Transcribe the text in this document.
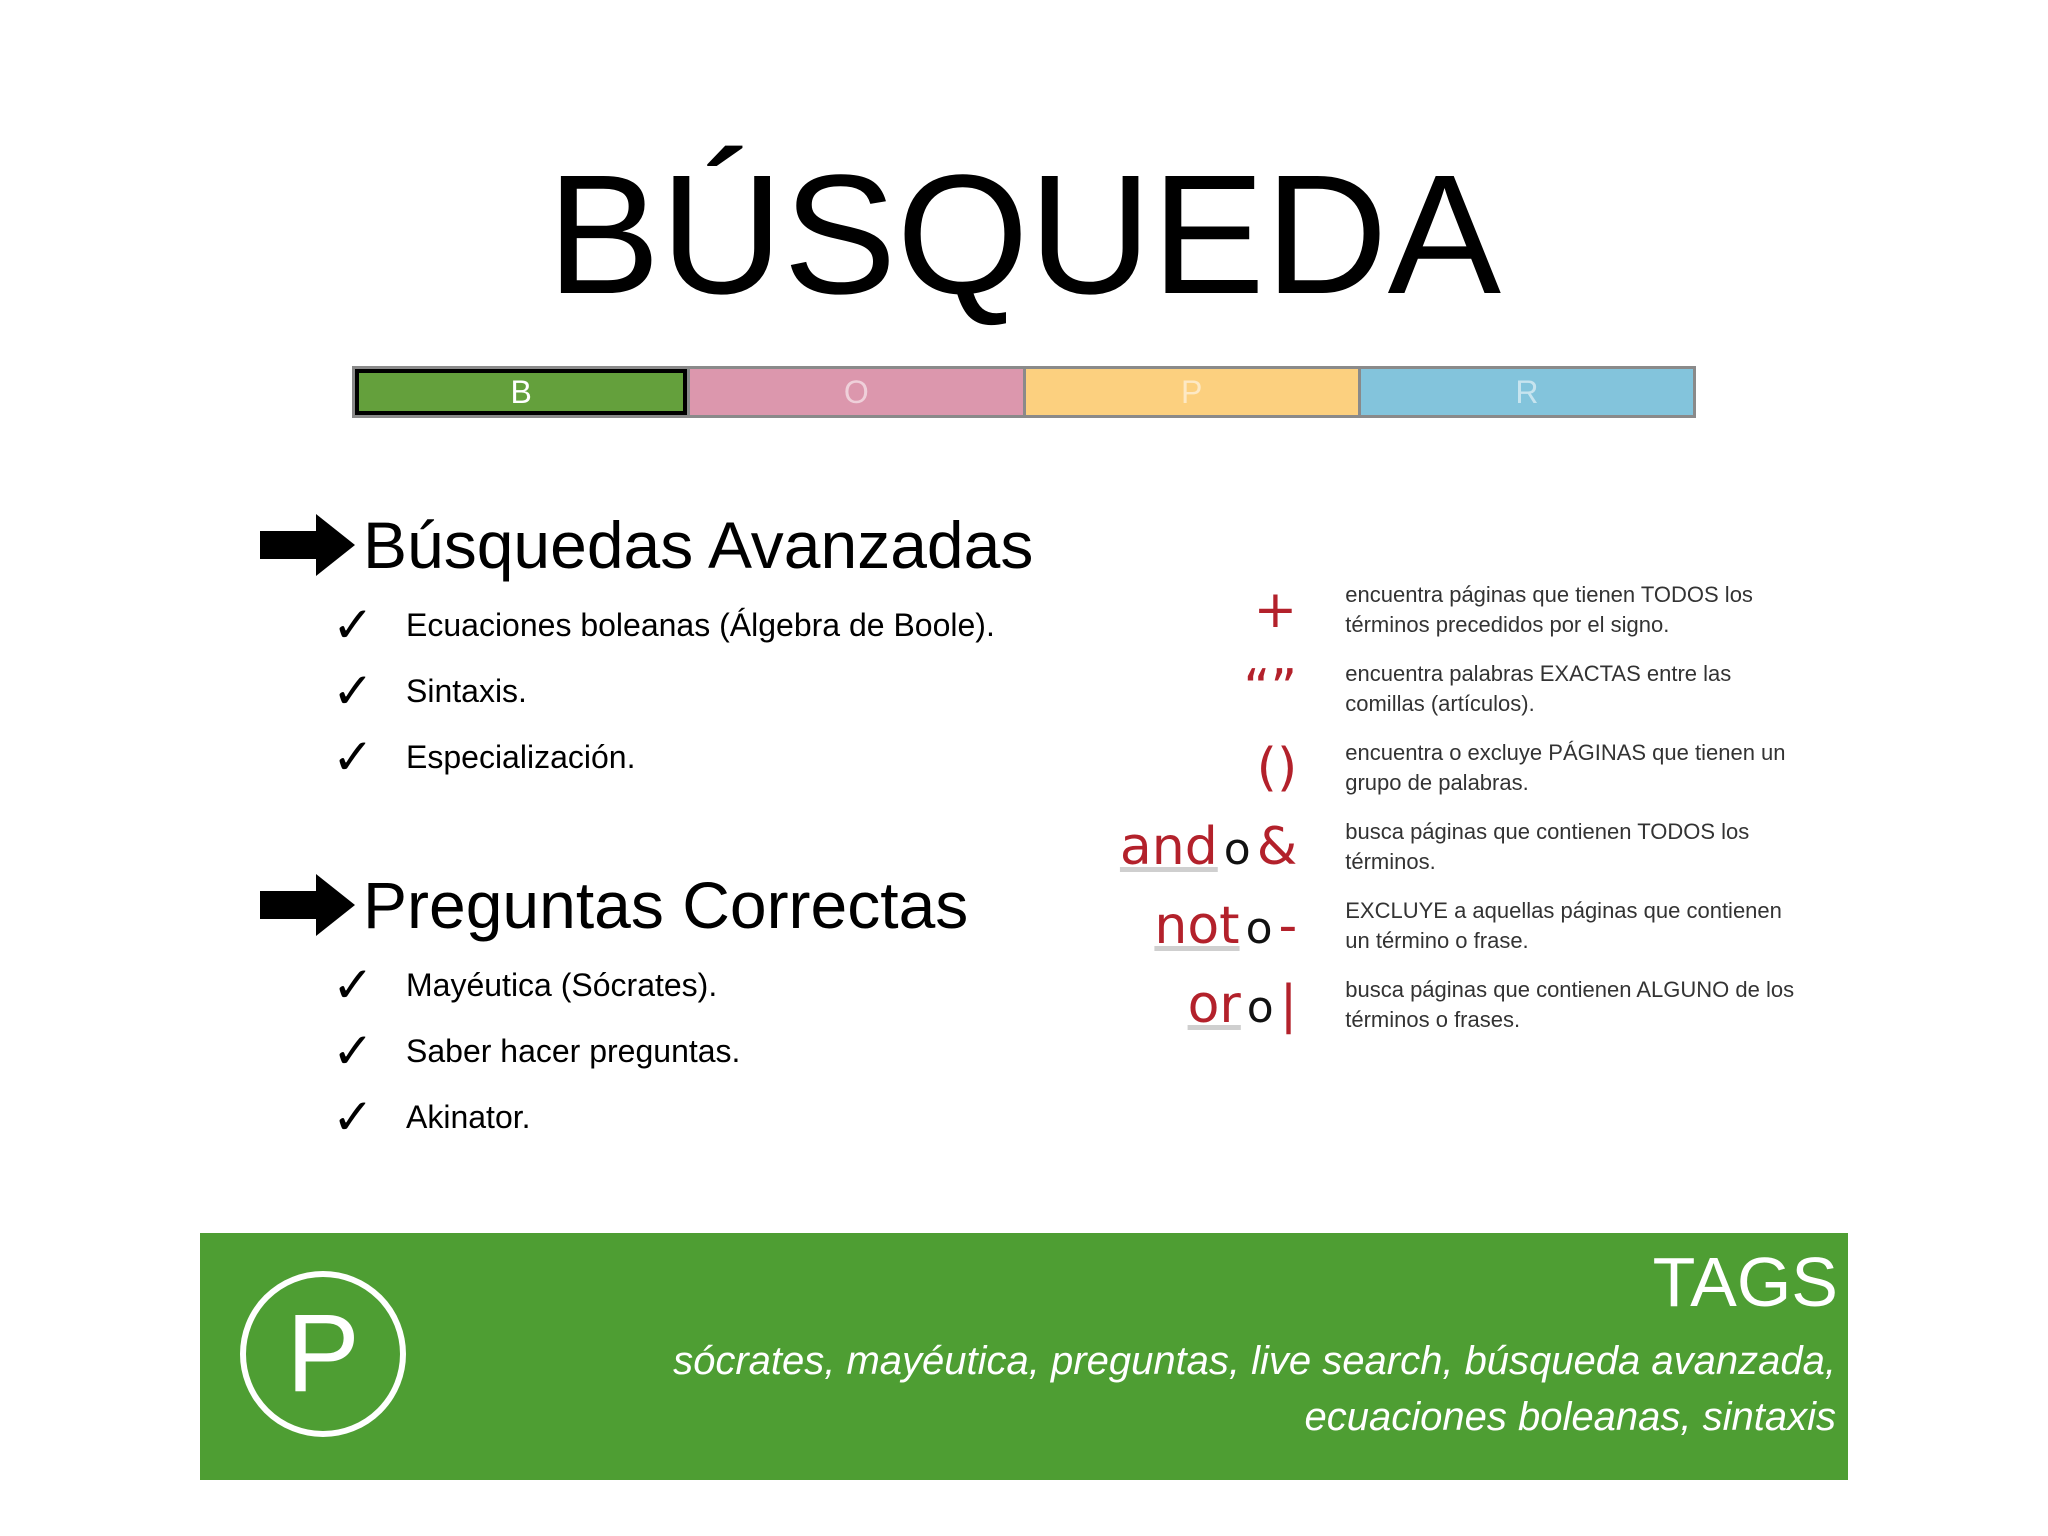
BÚSQUEDA
B	O	P	R
Búsquedas Avanzadas
✓	Ecuaciones boleanas (Álgebra de Boole).
✓	Sintaxis.
✓	Especialización.
Preguntas Correctas
✓	Mayéutica (Sócrates).
✓	Saber hacer preguntas.
✓	Akinator.
+ encuentra páginas que tienen TODOS los términos precedidos por el signo.
“” encuentra palabras EXACTAS entre las comillas (artículos).
() encuentra o excluye PÁGINAS que tienen un grupo de palabras.
and o & busca páginas que contienen TODOS los términos.
not o - EXCLUYE a aquellas páginas que contienen un término o frase.
or o | busca páginas que contienen ALGUNO de los términos o frases.
P
TAGS
sócrates, mayéutica, preguntas, live search, búsqueda avanzada,
ecuaciones boleanas, sintaxis
